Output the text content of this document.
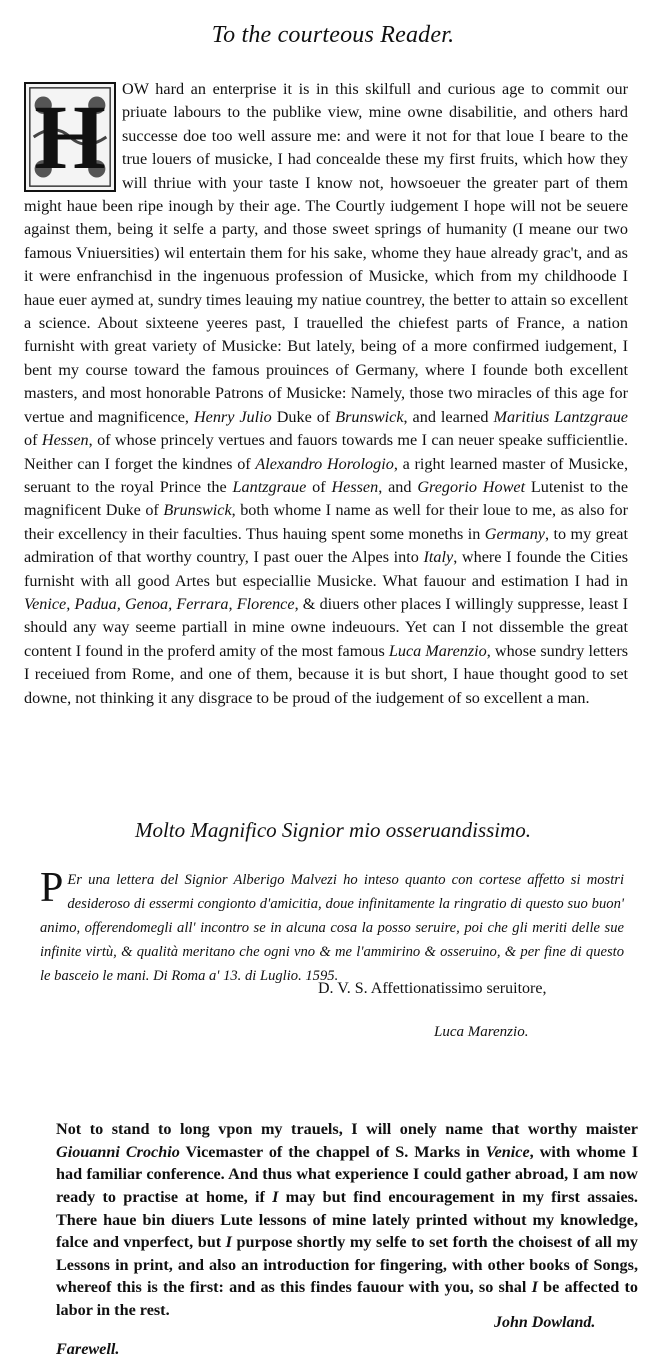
To the courteous Reader.
H	OW hard an enterprise it is in this skilfull and curious age to commit our priuate labours to the publike view, mine owne disabilitie, and others hard successe doe too well assure me: and were it not for that loue I beare to the true louers of musicke, I had concealde these my first fruits, which how they will thriue with your taste I know not, howsoeuer the greater part of them might haue been ripe inough by their age. The Courtly iudgement I hope will not be seuere against them, being it selfe a party, and those sweet springs of humanity (I meane our two famous Vniuersities) wil entertain them for his sake, whome they haue already grac't, and as it were enfranchisd in the ingenuous profession of Musicke, which from my childhoode I haue euer aymed at, sundry times leauing my natiue countrey, the better to attain so excellent a science. About sixteene yeeres past, I trauelled the chiefest parts of France, a nation furnisht with great variety of Musicke: But lately, being of a more confirmed iudgement, I bent my course toward the famous prouinces of Germany, where I founde both excellent masters, and most honorable Patrons of Musicke: Namely, those two miracles of this age for vertue and magnificence, Henry Julio Duke of Brunswick, and learned Maritius Lantzgraue of Hessen, of whose princely vertues and fauors towards me I can neuer speake sufficientlie. Neither can I forget the kindnes of Alexandro Horologio, a right learned master of Musicke, seruant to the royal Prince the Lantzgraue of Hessen, and Gregorio Howet Lutenist to the magnificent Duke of Brunswick, both whome I name as well for their loue to me, as also for their excellency in their faculties. Thus hauing spent some moneths in Germany, to my great admiration of that worthy country, I past ouer the Alpes into Italy, where I founde the Cities furnisht with all good Artes but especiallie Musicke. What fauour and estimation I had in Venice, Padua, Genoa, Ferrara, Florence, & diuers other places I willingly suppresse, least I should any way seeme partiall in mine owne indeuours. Yet can I not dissemble the great content I found in the proferd amity of the most famous Luca Marenzio, whose sundry letters I receiued from Rome, and one of them, because it is but short, I haue thought good to set downe, not thinking it any disgrace to be proud of the iudgement of so excellent a man.

Molto Magnifico Signior mio osseruandissimo.
P Er una lettera del Signior Alberigo Malvezi ho inteso quanto con cortese affetto si mostri desideroso di essermi congionto d'amicitia, doue infinitamente la ringratio di questo suo buon' animo, offerendomegli all' incontro se in alcuna cosa la posso seruire, poi che gli meriti delle sue infinite virtù, & qualità meritano che ogni vno & me l'ammirino & osseruino, & per fine di questo le basceio le mani. Di Roma a' 13. di Luglio. 1595.
D. V. S. Affettionatissimo seruitore,
Luca Marenzio.

Not to stand to long vpon my trauels, I will onely name that worthy maister Giouanni Crochio Vicemaster of the chappel of S. Marks in Venice, with whome I had familiar conference. And thus what experience I could gather abroad, I am now ready to practise at home, if I may but find encouragement in my first assaies. There haue bin diuers Lute lessons of mine lately printed without my knowledge, falce and vnperfect, but I purpose shortly my selfe to set forth the choisest of all my Lessons in print, and also an introduction for fingering, with other books of Songs, whereof this is the first: and as this findes fauour with you, so shal I be affected to labor in the rest.

Farewell.
John Dowland.
